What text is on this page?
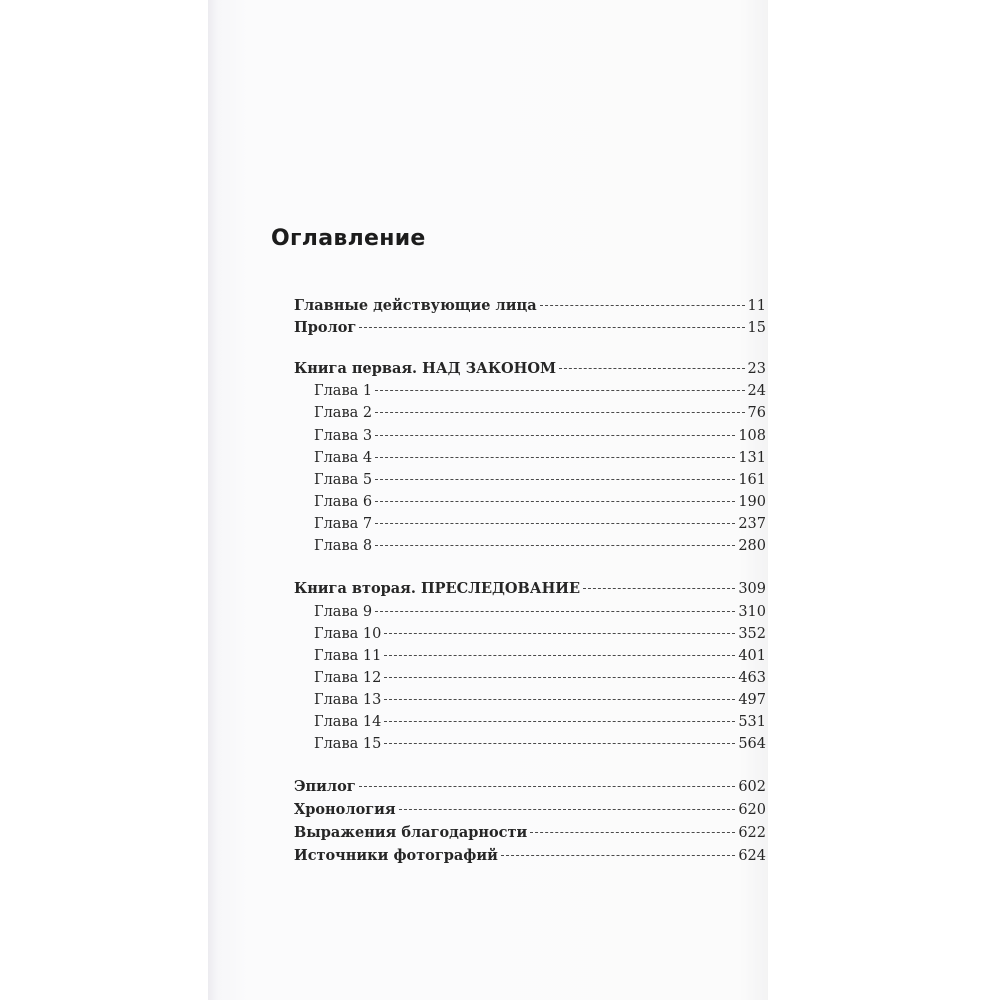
Оглавление
Главные действующие лица	11
Пролог	15
Книга первая. НАД ЗАКОНОМ	23
Глава 1	24
Глава 2	76
Глава 3	108
Глава 4	131
Глава 5	161
Глава 6	190
Глава 7	237
Глава 8	280
Книга вторая. ПРЕСЛЕДОВАНИЕ	309
Глава 9	310
Глава 10	352
Глава 11	401
Глава 12	463
Глава 13	497
Глава 14	531
Глава 15	564
Эпилог	602
Хронология	620
Выражения благодарности	622
Источники фотографий	624
